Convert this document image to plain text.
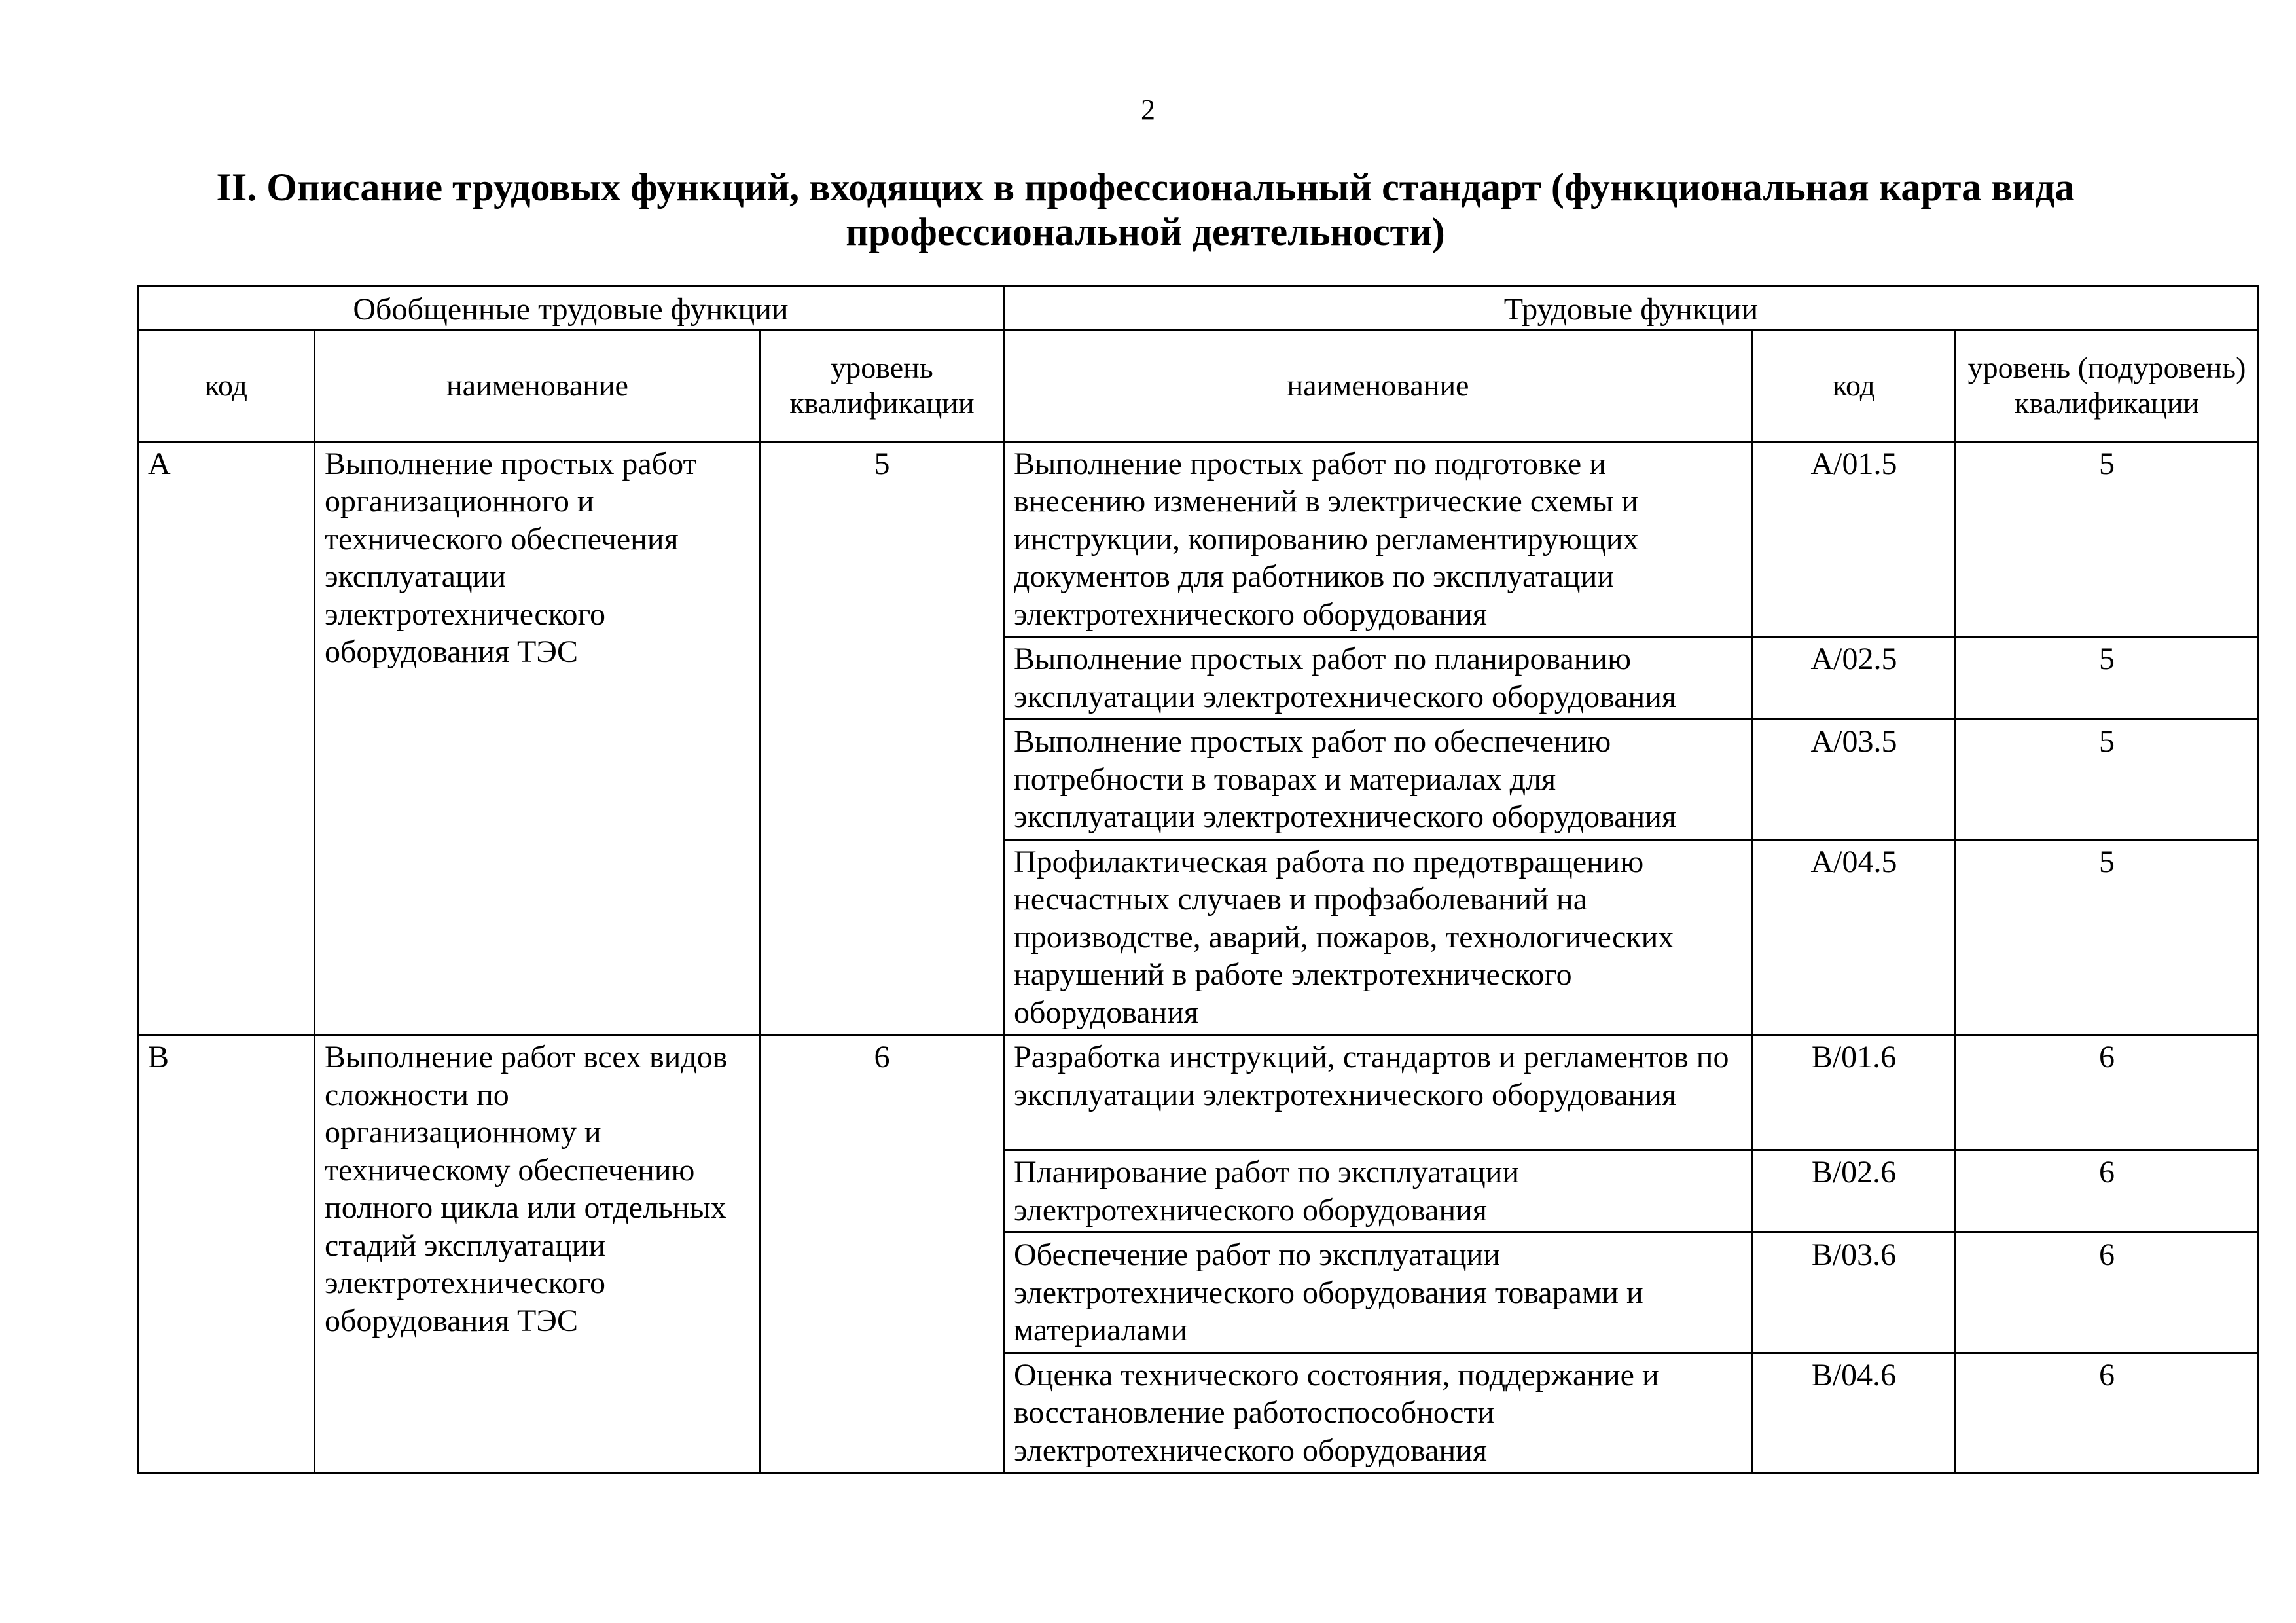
2
II. Описание трудовых функций, входящих в профессиональный стандарт (функциональная карта вида профессиональной деятельности)
Обобщенные трудовые функции			Трудовые функции		
код	наименование	уровень квалификации	наименование	код	уровень (подуровень) квалификации
A	Выполнение простых работ организационного и технического обеспечения эксплуатации электротехнического оборудования ТЭС	5	Выполнение простых работ по подготовке и внесению изменений в электрические схемы и инструкции, копированию регламентирующих документов для работников по эксплуатации электротехнического оборудования	A/01.5	5
			Выполнение простых работ по планированию эксплуатации электротехнического оборудования	A/02.5	5
			Выполнение простых работ по обеспечению потребности в товарах и материалах для эксплуатации электротехнического оборудования	A/03.5	5
			Профилактическая работа по предотвращению несчастных случаев и профзаболеваний на производстве, аварий, пожаров, технологических нарушений в работе электротехнического оборудования	A/04.5	5
B	Выполнение работ всех видов сложности по организационному и техническому обеспечению полного цикла или отдельных стадий эксплуатации электротехнического оборудования ТЭС	6	Разработка инструкций, стандартов и регламентов по эксплуатации электротехнического оборудования	B/01.6	6
			Планирование работ по эксплуатации электротехнического оборудования	B/02.6	6
			Обеспечение работ по эксплуатации электротехнического оборудования товарами и материалами	B/03.6	6
			Оценка технического состояния, поддержание и восстановление работоспособности электротехнического оборудования	B/04.6	6
